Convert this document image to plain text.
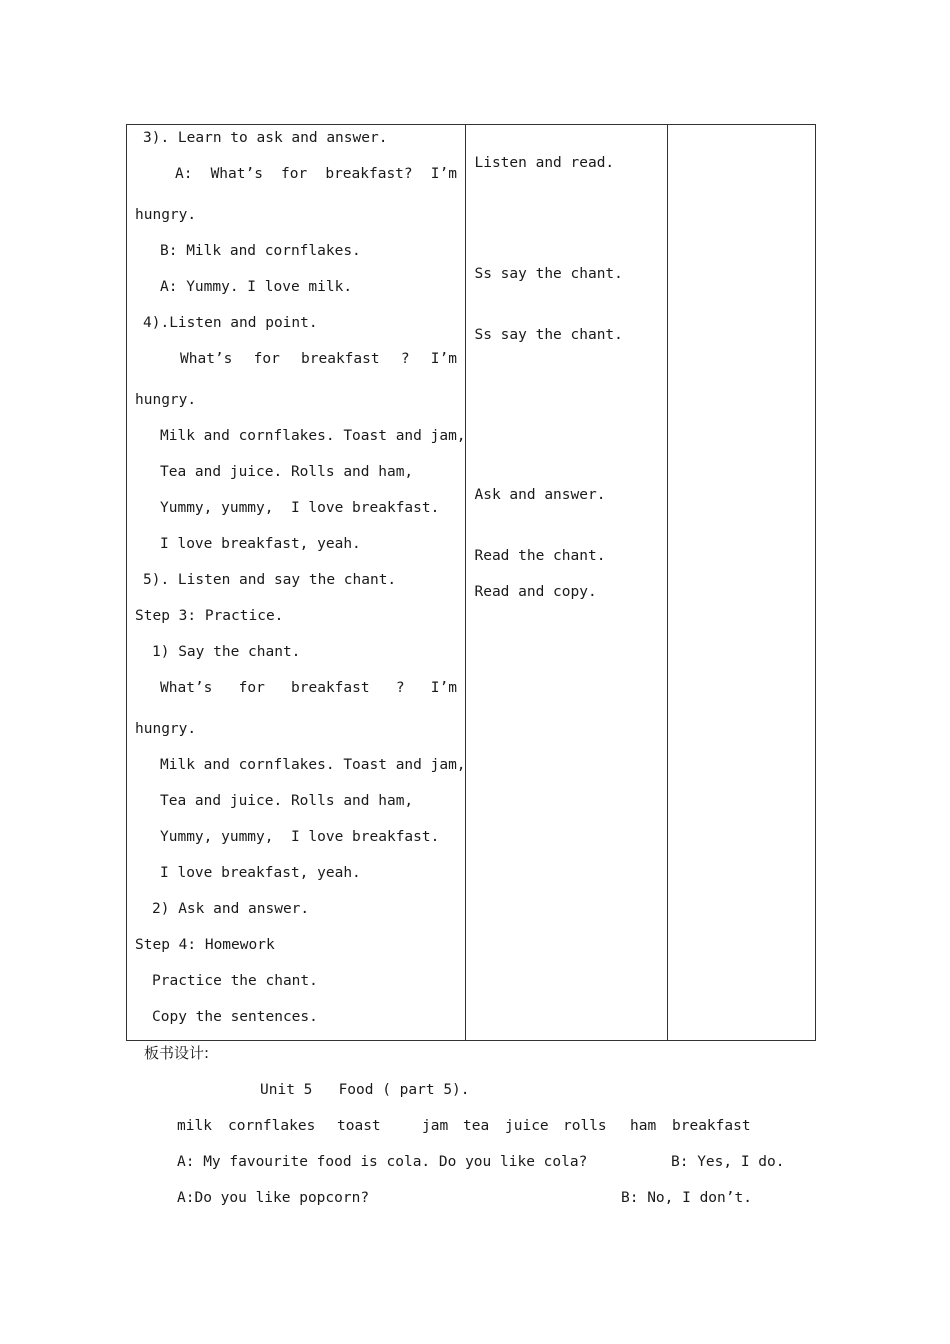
3). Learn to ask and answer.
A: What’s for breakfast? I’m
hungry.
B: Milk and cornflakes.
A: Yummy. I love milk.
4).Listen and point.
What’s for breakfast ? I’m
hungry.
Milk and cornflakes. Toast and jam,
Tea and juice. Rolls and ham,
Yummy, yummy,  I love breakfast.
I love breakfast, yeah.
5). Listen and say the chant.
Step 3: Practice.
1) Say the chant.
What’s for breakfast ? I’m
hungry.
Milk and cornflakes. Toast and jam,
Tea and juice. Rolls and ham,
Yummy, yummy,  I love breakfast.
I love breakfast, yeah.
2) Ask and answer.
Step 4: Homework
Practice the chant.
Copy the sentences.

Listen and read.
Ss say the chant.
Ss say the chant.
Ask and answer.
Read the chant.
Read and copy.

板书设计:
Unit 5   Food ( part 5).
milk cornflakes toast	jam tea juice rolls ham breakfast
A: My favourite food is cola. Do you like cola?	B: Yes, I do.
A:Do you like popcorn?	B: No, I don’t.
